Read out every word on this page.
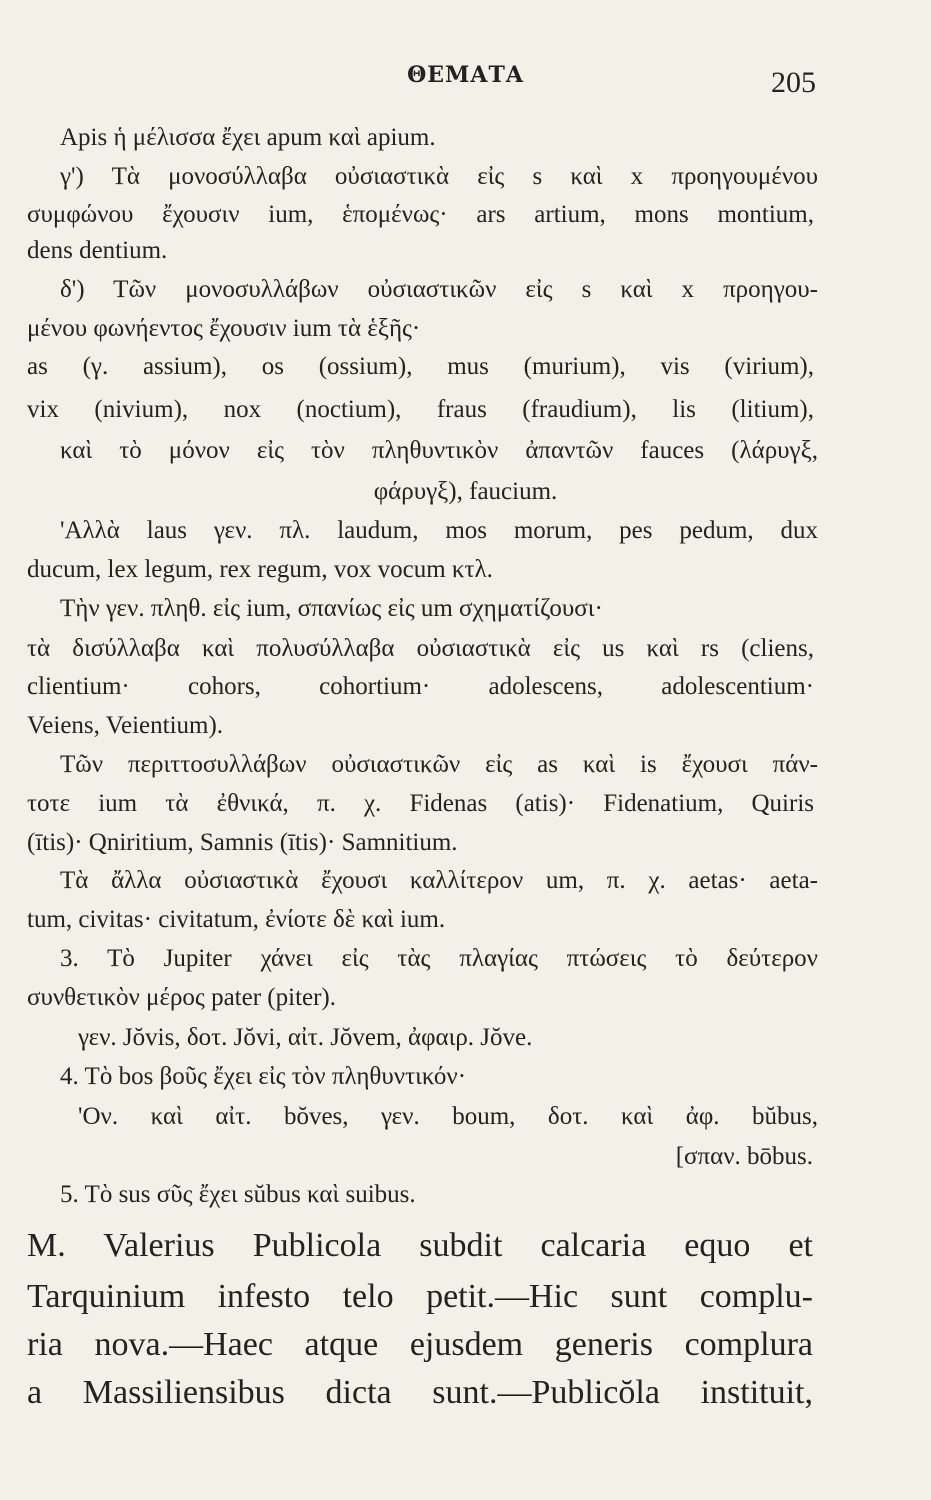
ΘΕΜΑΤΑ	205
Apis ἡ μέλισσα ἔχει apum καὶ apium.
γ') Τὰ μονοσύλλαβα οὐσιαστικὰ εἰς s καὶ x προηγουμένου
συμφώνου ἔχουσιν ium, ἑπομένως· ars artium, mons montium,
dens dentium.
δ') Τῶν μονοσυλλάβων οὐσιαστικῶν εἰς s καὶ x προηγου-
μένου φωνήεντος ἔχουσιν ium τὰ ἑξῆς·
as (γ. assium), os (ossium), mus (murium), vis (virium),
vix (nivium), nox (noctium), fraus (fraudium), lis (litium),
καὶ τὸ μόνον εἰς τὸν πληθυντικὸν ἀπαντῶν fauces (λάρυγξ,
φάρυγξ), faucium.
'Αλλὰ laus γεν. πλ. laudum, mos morum, pes pedum, dux
ducum, lex legum, rex regum, vox vocum κτλ.
Τὴν γεν. πληθ. εἰς ium, σπανίως εἰς um σχηματίζουσι·
τὰ δισύλλαβα καὶ πολυσύλλαβα οὐσιαστικὰ εἰς us καὶ rs (cliens,
clientium· cohors, cohortium· adolescens, adolescentium·
Veiens, Veientium).
Τῶν περιττοσυλλάβων οὐσιαστικῶν εἰς as καὶ is ἔχουσι πάν-
τοτε ium τὰ ἐθνικά, π. χ. Fidenas (atis)· Fidenatium, Quiris
(ītis)· Qniritium, Samnis (ītis)· Samnitium.
Τὰ ἄλλα οὐσιαστικὰ ἔχουσι καλλίτερον um, π. χ. aetas· aeta-
tum, civitas· civitatum, ἐνίοτε δὲ καὶ ium.
3. Τὸ Jupiter χάνει εἰς τὰς πλαγίας πτώσεις τὸ δεύτερον
συνθετικὸν μέρος pater (piter).
γεν. Jŏvis, δοτ. Jŏvi, αἰτ. Jŏvem, ἀφαιρ. Jŏve.
4. Τὸ bos βοῦς ἔχει εἰς τὸν πληθυντικόν·
'Ον. καὶ αἰτ. bŏves, γεν. boum, δοτ. καὶ ἀφ. bŭbus,
[σπαν. bōbus.
5. Τὸ sus σῦς ἔχει sŭbus καὶ suibus.
M. Valerius Publicola subdit calcaria equo et
Tarquinium infesto telo petit.—Hic sunt complu-
ria nova.—Haec atque ejusdem generis complura
a Massiliensibus dicta sunt.—Publicŏla instituit,
